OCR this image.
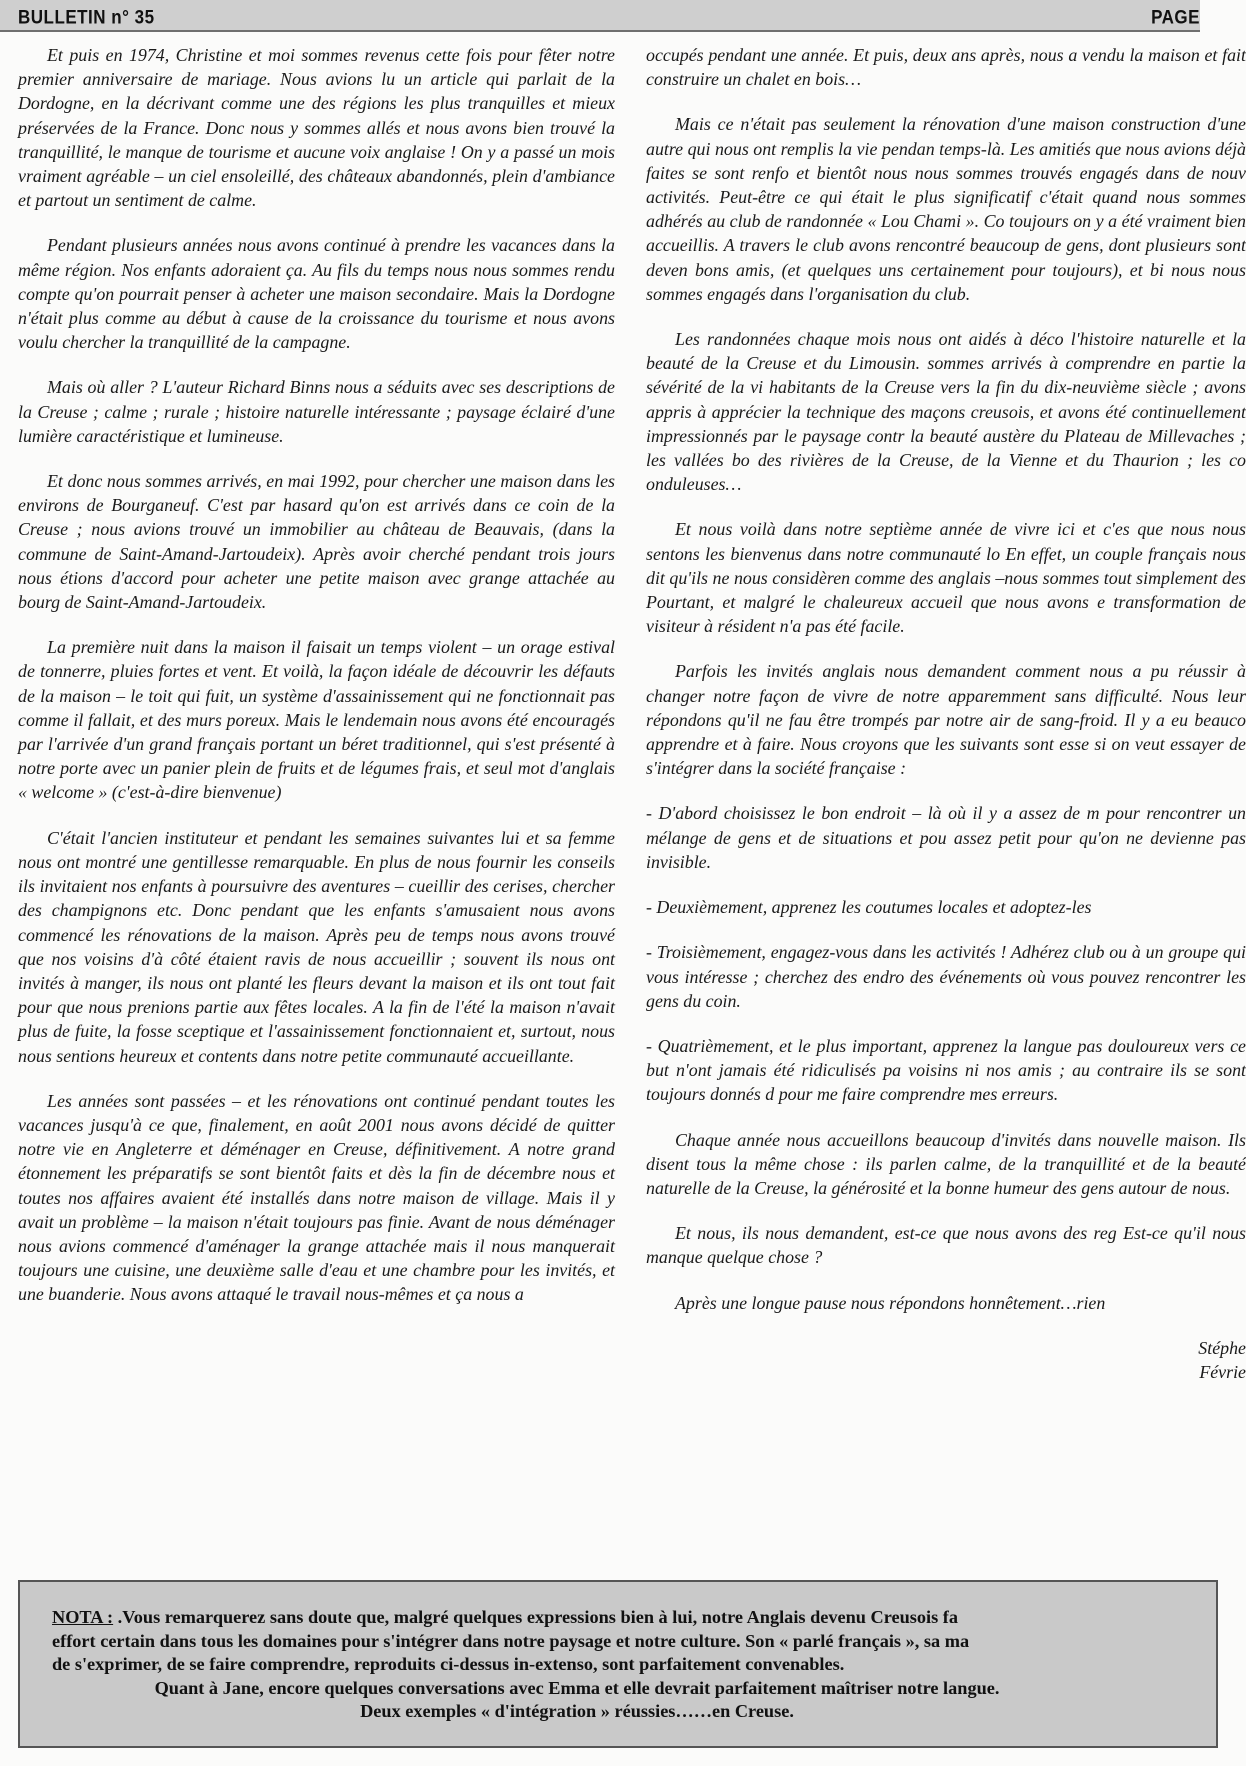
BULLETIN n° 35	PAGE

Et puis en 1974, Christine et moi sommes revenus cette fois pour fêter notre premier anniversaire de mariage. Nous avions lu un article qui parlait de la Dordogne, en la décrivant comme une des régions les plus tranquilles et mieux préservées de la France. Donc nous y sommes allés et nous avons bien trouvé la tranquillité, le manque de tourisme et aucune voix anglaise ! On y a passé un mois vraiment agréable – un ciel ensoleillé, des châteaux abandonnés, plein d'ambiance et partout un sentiment de calme.

Pendant plusieurs années nous avons continué à prendre les vacances dans la même région. Nos enfants adoraient ça. Au fils du temps nous nous sommes rendu compte qu'on pourrait penser à acheter une maison secondaire. Mais la Dordogne n'était plus comme au début à cause de la croissance du tourisme et nous avons voulu chercher la tranquillité de la campagne.

Mais où aller ? L'auteur Richard Binns nous a séduits avec ses descriptions de la Creuse ; calme ; rurale ; histoire naturelle intéressante ; paysage éclairé d'une lumière caractéristique et lumineuse.

Et donc nous sommes arrivés, en mai 1992, pour chercher une maison dans les environs de Bourganeuf. C'est par hasard qu'on est arrivés dans ce coin de la Creuse ; nous avions trouvé un immobilier au château de Beauvais, (dans la commune de Saint-Amand-Jartoudeix). Après avoir cherché pendant trois jours nous étions d'accord pour acheter une petite maison avec grange attachée au bourg de Saint-Amand-Jartoudeix.

La première nuit dans la maison il faisait un temps violent – un orage estival de tonnerre, pluies fortes et vent. Et voilà, la façon idéale de découvrir les défauts de la maison – le toit qui fuit, un système d'assainissement qui ne fonctionnait pas comme il fallait, et des murs poreux. Mais le lendemain nous avons été encouragés par l'arrivée d'un grand français portant un béret traditionnel, qui s'est présenté à notre porte avec un panier plein de fruits et de légumes frais, et seul mot d'anglais « welcome » (c'est-à-dire bienvenue)

C'était l'ancien instituteur et pendant les semaines suivantes lui et sa femme nous ont montré une gentillesse remarquable. En plus de nous fournir les conseils ils invitaient nos enfants à poursuivre des aventures – cueillir des cerises, chercher des champignons etc. Donc pendant que les enfants s'amusaient nous avons commencé les rénovations de la maison. Après peu de temps nous avons trouvé que nos voisins d'à côté étaient ravis de nous accueillir ; souvent ils nous ont invités à manger, ils nous ont planté les fleurs devant la maison et ils ont tout fait pour que nous prenions partie aux fêtes locales. A la fin de l'été la maison n'avait plus de fuite, la fosse sceptique et l'assainissement fonctionnaient et, surtout, nous nous sentions heureux et contents dans notre petite communauté accueillante.

Les années sont passées – et les rénovations ont continué pendant toutes les vacances jusqu'à ce que, finalement, en août 2001 nous avons décidé de quitter notre vie en Angleterre et déménager en Creuse, définitivement. A notre grand étonnement les préparatifs se sont bientôt faits et dès la fin de décembre nous et toutes nos affaires avaient été installés dans notre maison de village. Mais il y avait un problème – la maison n'était toujours pas finie. Avant de nous déménager nous avions commencé d'aménager la grange attachée mais il nous manquerait toujours une cuisine, une deuxième salle d'eau et une chambre pour les invités, et une buanderie. Nous avons attaqué le travail nous-mêmes et ça nous a

occupés pendant une année. Et puis, deux ans après, nous a vendu la maison et fait construire un chalet en bois…

Mais ce n'était pas seulement la rénovation d'une maison construction d'une autre qui nous ont remplis la vie pendan temps-là. Les amitiés que nous avions déjà faites se sont renfo et bientôt nous nous sommes trouvés engagés dans de nouv activités. Peut-être ce qui était le plus significatif c'était quand nous sommes adhérés au club de randonnée « Lou Chami ». Co toujours on y a été vraiment bien accueillis. A travers le club avons rencontré beaucoup de gens, dont plusieurs sont deven bons amis, (et quelques uns certainement pour toujours), et bi nous nous sommes engagés dans l'organisation du club.

Les randonnées chaque mois nous ont aidés à déco l'histoire naturelle et la beauté de la Creuse et du Limousin. sommes arrivés à comprendre en partie la sévérité de la vi habitants de la Creuse vers la fin du dix-neuvième siècle ; avons appris à apprécier la technique des maçons creusois, et avons été continuellement impressionnés par le paysage contr la beauté austère du Plateau de Millevaches ; les vallées bo des rivières de la Creuse, de la Vienne et du Thaurion ; les co onduleuses…

Et nous voilà dans notre septième année de vivre ici et c'es que nous nous sentons les bienvenus dans notre communauté lo En effet, un couple français nous dit qu'ils ne nous considèren comme des anglais –nous sommes tout simplement des Pourtant, et malgré le chaleureux accueil que nous avons e transformation de visiteur à résident n'a pas été facile.

Parfois les invités anglais nous demandent comment nous a pu réussir à changer notre façon de vivre de notre apparemment sans difficulté. Nous leur répondons qu'il ne fau être trompés par notre air de sang-froid. Il y a eu beauco apprendre et à faire. Nous croyons que les suivants sont esse si on veut essayer de s'intégrer dans la société française :

- D'abord choisissez le bon endroit – là où il y a assez de m pour rencontrer un mélange de gens et de situations et pou assez petit pour qu'on ne devienne pas invisible.

- Deuxièmement, apprenez les coutumes locales et adoptez-les

- Troisièmement, engagez-vous dans les activités ! Adhérez club ou à un groupe qui vous intéresse ; cherchez des endro des événements où vous pouvez rencontrer les gens du coin.

- Quatrièmement, et le plus important, apprenez la langue pas douloureux vers ce but n'ont jamais été ridiculisés pa voisins ni nos amis ; au contraire ils se sont toujours donnés d pour me faire comprendre mes erreurs.

Chaque année nous accueillons beaucoup d'invités dans nouvelle maison. Ils disent tous la même chose : ils parlen calme, de la tranquillité et de la beauté naturelle de la Creuse, la générosité et la bonne humeur des gens autour de nous.

Et nous, ils nous demandent, est-ce que nous avons des reg Est-ce qu'il nous manque quelque chose ?

Après une longue pause nous répondons honnêtement…rien

Stéphe
Févrie

NOTA : .Vous remarquerez sans doute que, malgré quelques expressions bien à lui, notre Anglais devenu Creusois fa

effort certain dans tous les domaines pour s'intégrer dans notre paysage et notre culture. Son « parlé français », sa ma

de s'exprimer, de se faire comprendre, reproduits ci-dessus in-extenso, sont parfaitement convenables.

Quant à Jane, encore quelques conversations avec Emma et elle devrait parfaitement maîtriser notre langue.

Deux exemples « d'intégration » réussies……en Creuse.
